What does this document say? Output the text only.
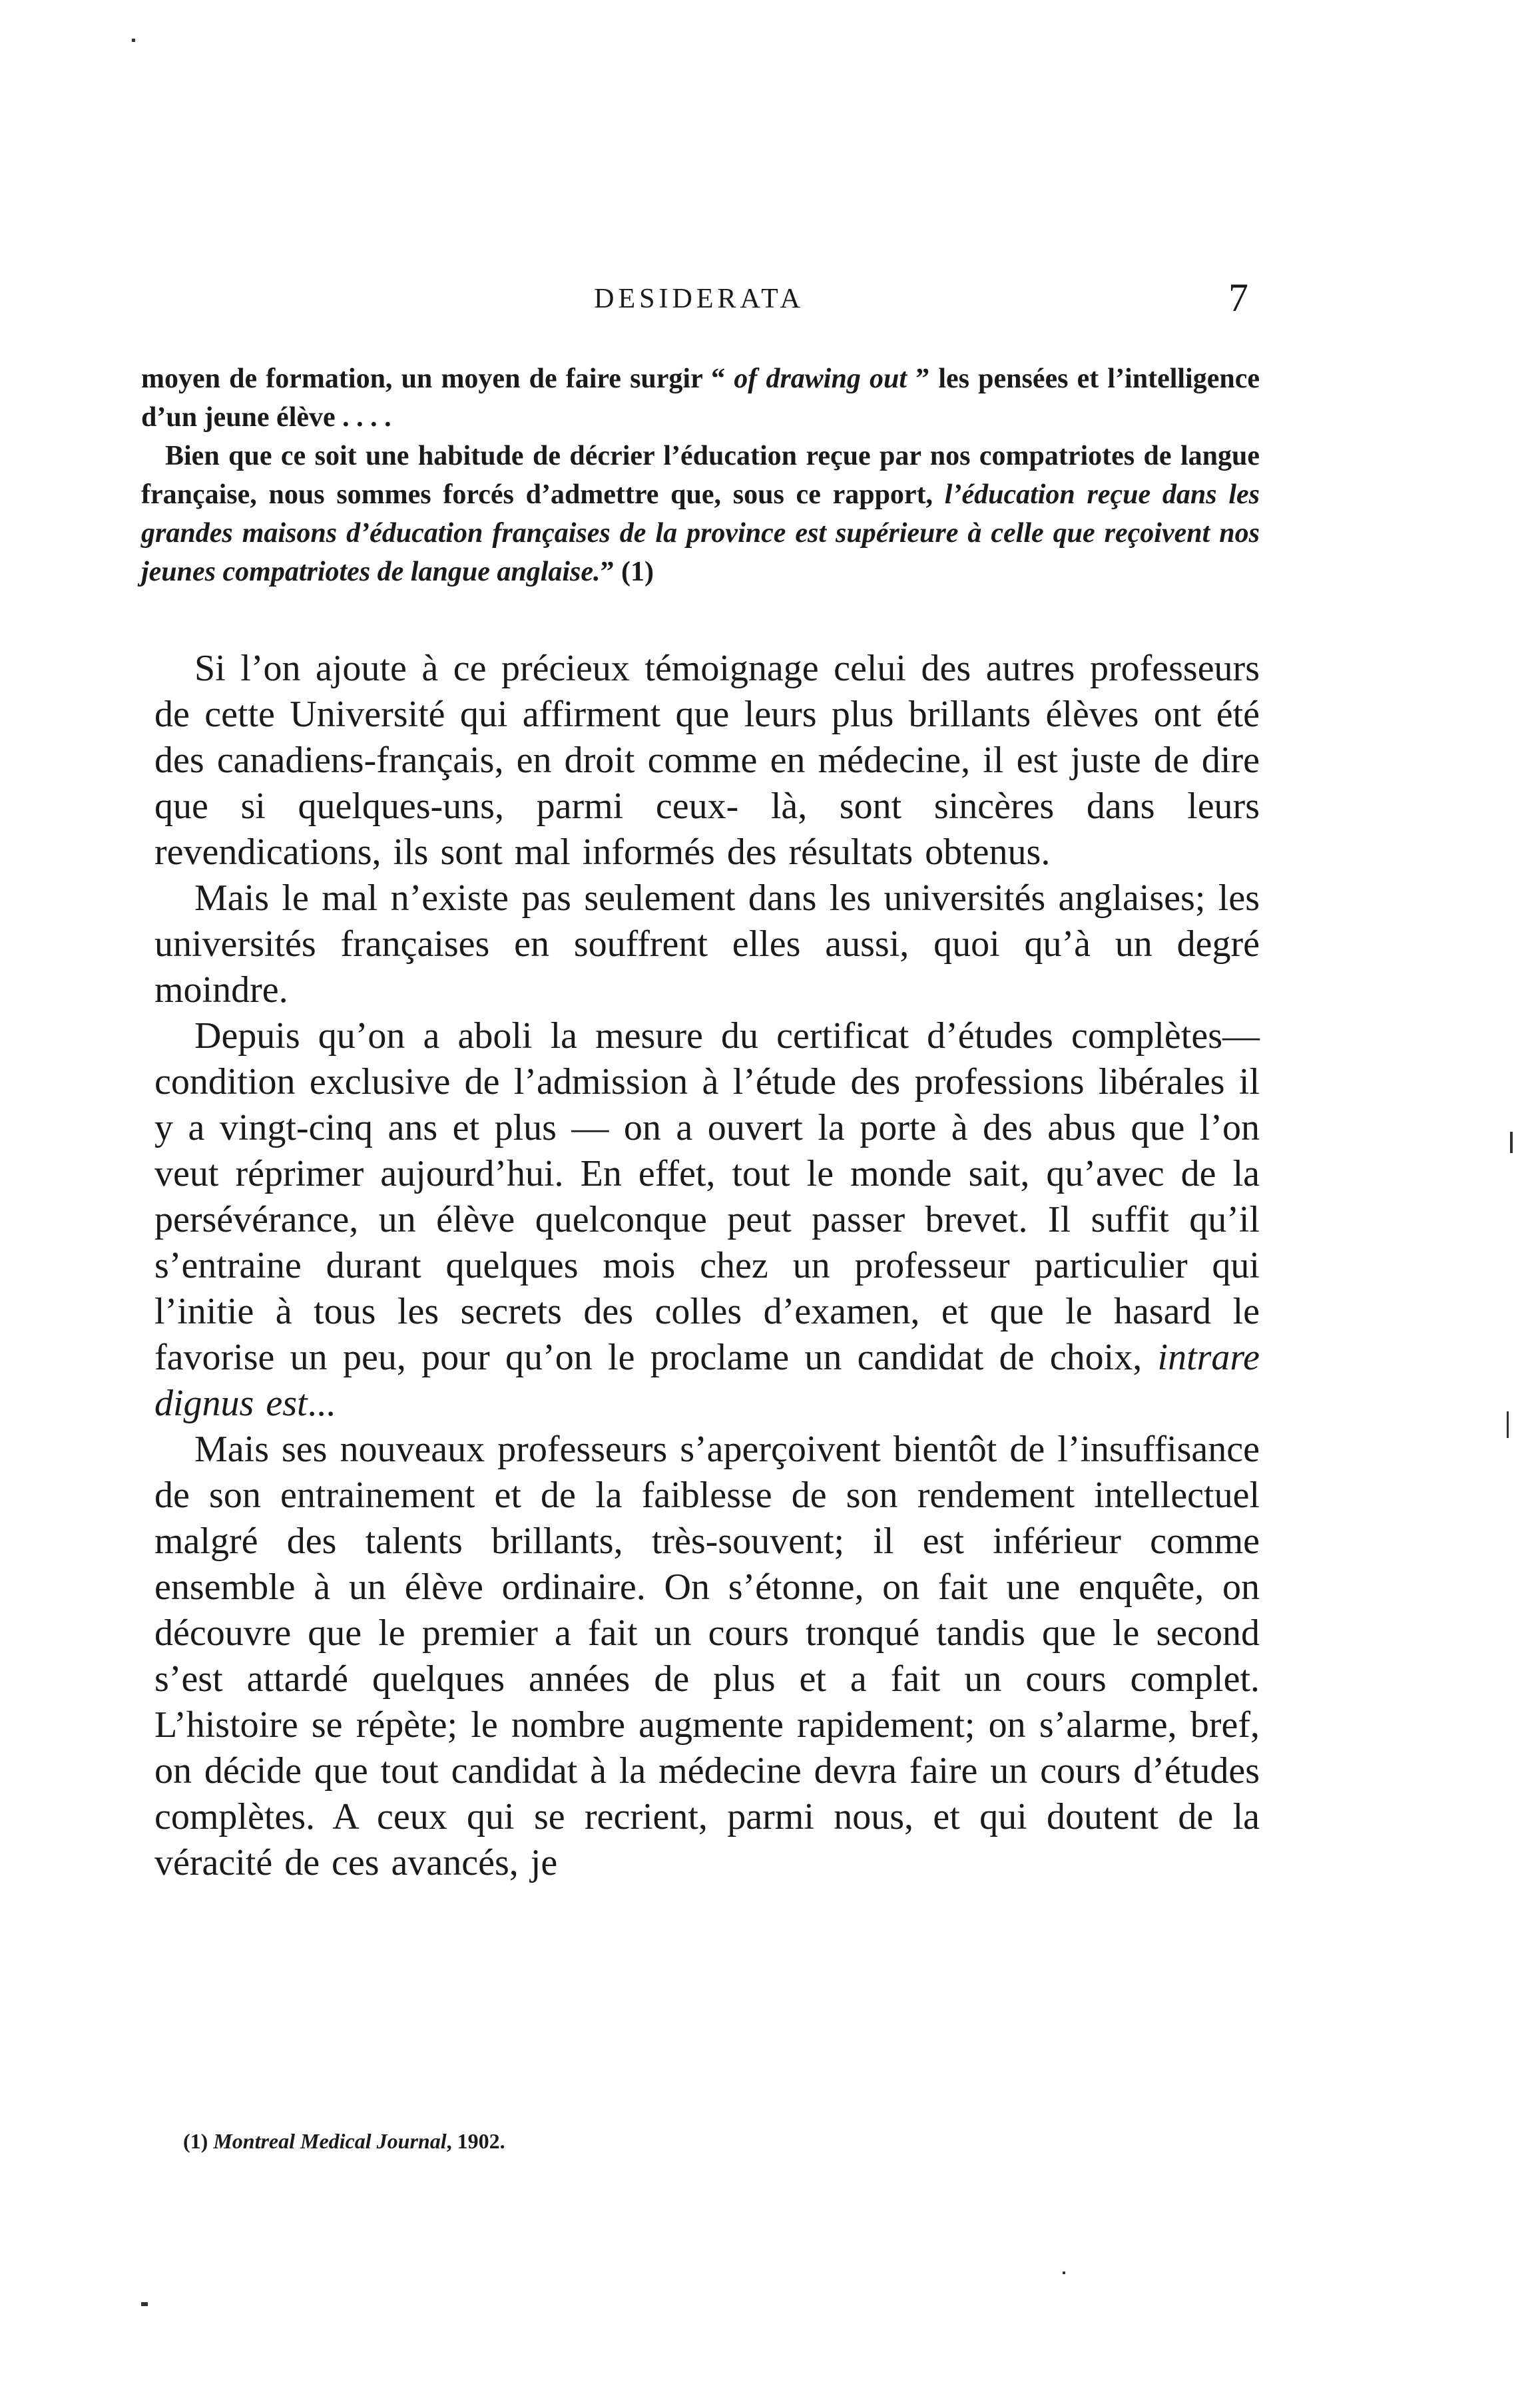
DESIDERATA	7

moyen de formation, un moyen de faire surgir “ of drawing out ” les pensées et l’intelligence d’un jeune élève . . . .

Bien que ce soit une habitude de décrier l’éducation reçue par nos compatriotes de langue française, nous sommes forcés d’admettre que, sous ce rapport, l’éducation reçue dans les grandes maisons d’éducation françaises de la province est supérieure à celle que reçoivent nos jeunes compatriotes de langue anglaise.” (1)

Si l’on ajoute à ce précieux témoignage celui des autres professeurs de cette Université qui affirment que leurs plus brillants élèves ont été des canadiens-français, en droit comme en médecine, il est juste de dire que si quelques-uns, parmi ceux- là, sont sincères dans leurs revendications, ils sont mal informés des résultats obtenus.

Mais le mal n’existe pas seulement dans les universités anglaises; les universités françaises en souffrent elles aussi, quoi qu’à un degré moindre.

Depuis qu’on a aboli la mesure du certificat d’études complètes—condition exclusive de l’admission à l’étude des professions libérales il y a vingt-cinq ans et plus — on a ouvert la porte à des abus que l’on veut réprimer aujourd’hui. En effet, tout le monde sait, qu’avec de la persévérance, un élève quelconque peut passer brevet. Il suffit qu’il s’entraine durant quelques mois chez un professeur particulier qui l’initie à tous les secrets des colles d’examen, et que le hasard le favorise un peu, pour qu’on le proclame un candidat de choix, intrare dignus est...

Mais ses nouveaux professeurs s’aperçoivent bientôt de l’insuffisance de son entrainement et de la faiblesse de son rendement intellectuel malgré des talents brillants, très-souvent; il est inférieur comme ensemble à un élève ordinaire. On s’étonne, on fait une enquête, on découvre que le premier a fait un cours tronqué tandis que le second s’est attardé quelques années de plus et a fait un cours complet. L’histoire se répète; le nombre augmente rapidement; on s’alarme, bref, on décide que tout candidat à la médecine devra faire un cours d’études complètes. A ceux qui se recrient, parmi nous, et qui doutent de la véracité de ces avancés, je

(1) Montreal Medical Journal, 1902.
